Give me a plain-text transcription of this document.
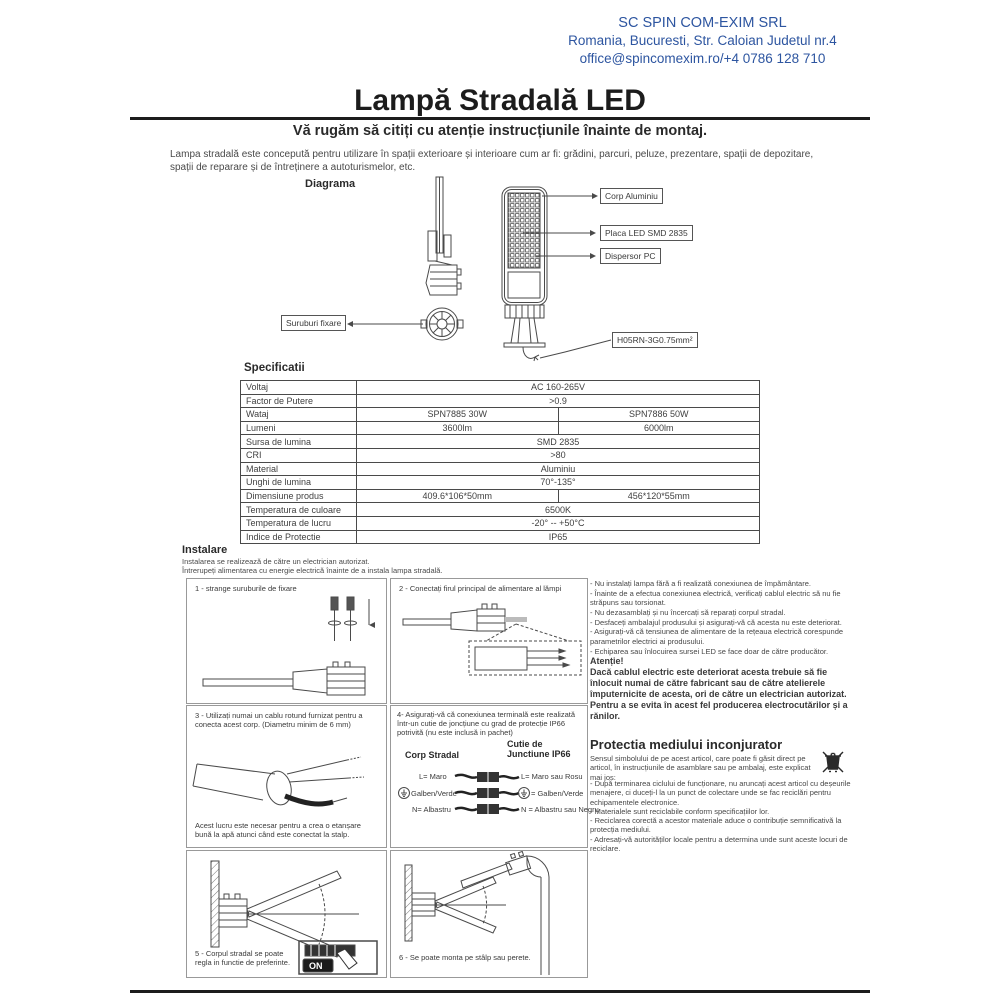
SC SPIN COM-EXIM SRL
Romania, Bucuresti, Str. Caloian Judetul nr.4
office@spincomexim.ro/+4 0786 128 710
Lampă Stradală LED
Vă rugăm să citiți cu atenție instrucțiunile înainte de montaj.
Lampa stradală este concepută pentru utilizare în spații exterioare și interioare cum ar fi: grădini, parcuri, peluze, prezentare, spații de depozitare, spații de reparare și de întreținere a autoturismelor, etc.
Diagrama
Corp Aluminiu
Placa LED SMD 2835
Dispersor PC
H05RN-3G0.75mm²
Suruburi fixare
Specificatii
Voltaj	AC 160-265V
Factor de Putere	>0.9
Wataj	SPN7885 30W	SPN7886 50W
Lumeni	3600lm	6000lm
Sursa de lumina	SMD 2835
CRI	>80
Material	Aluminiu
Unghi de lumina	70°-135°
Dimensiune produs	409.6*106*50mm	456*120*55mm
Temperatura de culoare	6500K
Temperatura de lucru	-20° -- +50°C
Indice de Protectie	IP65
Instalare
Instalarea se realizează de către un electrician autorizat.
Întrerupeți alimentarea cu energie electrică înainte de a instala lampa stradală.
1 - strange suruburile de fixare	2 - Conectați firul principal de alimentare al lămpi
3 - Utilizați numai un cablu rotund furnizat pentru a conecta acest corp. (Diametru minim de 6 mm)
Acest lucru este necesar pentru a crea o etanșare bună la apă atunci când este conectat la stalp.
4- Asigurați-vă că conexiunea terminală este realizată într-un cutie de joncțiune cu grad de protecție IP66 potrivită (nu este inclusă in pachet)
Corp Stradal
Cutie de Junctiune IP66
L= Maro
Galben/Verde
N= Albastru
L= Maro sau Rosu
= Galben/Verde
N = Albastru sau Negru
ON
5 - Corpul stradal se poate regla in functie de preferinte.
6 - Se poate monta pe stâlp sau perete.
- Nu instalați lampa fără a fi realizată conexiunea de împământare.
- Înainte de a efectua conexiunea electrică, verificați cablul electric să nu fie străpuns sau torsionat.
- Nu dezasamblați și nu încercați să reparați corpul stradal.
- Desfaceți ambalajul produsului și asigurați-vă că acesta nu este deteriorat.
- Asigurați-vă că tensiunea de alimentare de la rețeaua electrică corespunde parametrilor electrici ai produsului.
- Echiparea sau înlocuirea sursei LED se face doar de către producător.
Atenție!
Dacă cablul electric este deteriorat acesta trebuie să fie înlocuit numai de către fabricant sau de către atelierele împuternicite de acesta, ori de către un electrician autorizat. Pentru a se evita în acest fel producerea electrocutărilor și a rănilor.
Protectia mediului inconjurator
Sensul simbolului de pe acest articol, care poate fi găsit direct pe articol, în instrucțiunile de asamblare sau pe ambalaj, este explicat mai jos:
- După terminarea ciclului de funcționare, nu aruncați acest articol cu deșeurile menajere, ci duceți-l la un punct de colectare unde se fac reciclări pentru echipamentele electronice.
- Materialele sunt reciclabile conform specificațiilor lor.
- Reciclarea corectă a acestor materiale aduce o contribuție semnificativă la protecția mediului.
- Adresați-vă autorităților locale pentru a determina unde sunt aceste locuri de reciclare.
